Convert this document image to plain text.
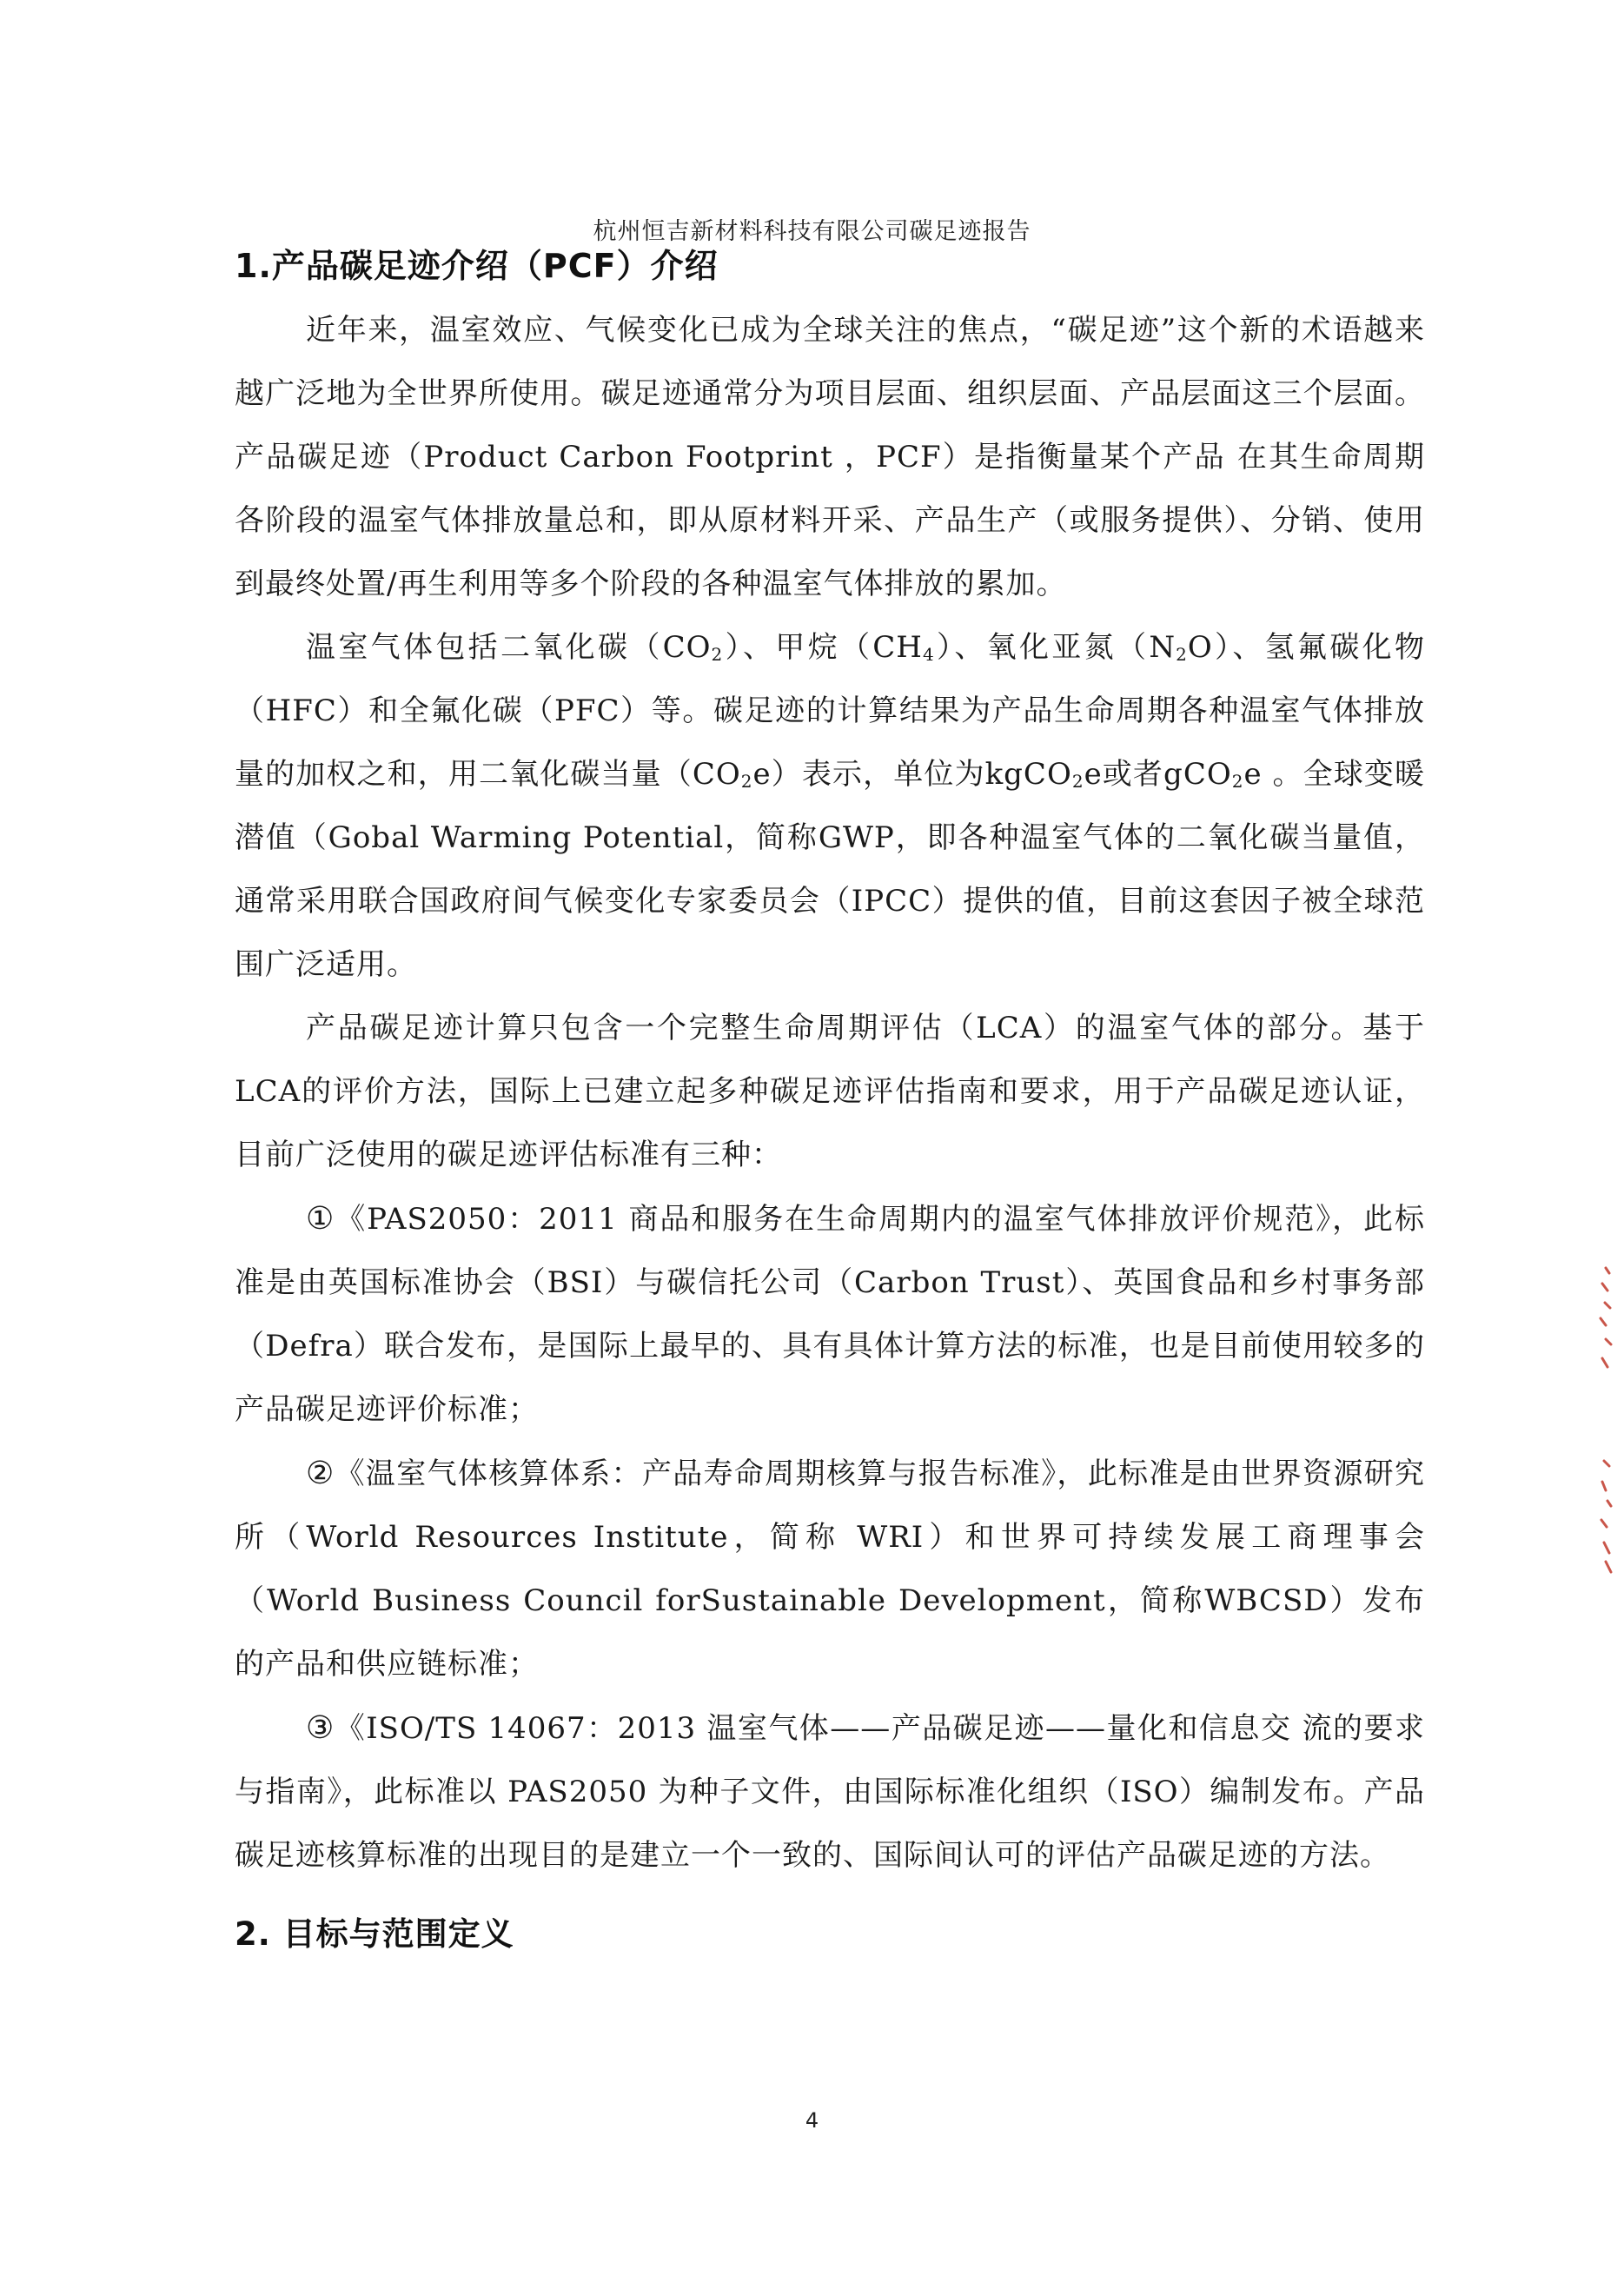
杭州恒吉新材料科技有限公司碳足迹报告
1.产品碳足迹介绍（PCF）介绍

近年来，温室效应、气候变化已成为全球关注的焦点，“碳足迹”这个新的术语越来越广泛地为全世界所使用。碳足迹通常分为项目层面、组织层面、产品层面这三个层面。产品碳足迹（Product Carbon Footprint ，PCF）是指衡量某个产品 在其生命周期各阶段的温室气体排放量总和，即从原材料开采、产品生产（或服务提供）、分销、使用到最终处置/再生利用等多个阶段的各种温室气体排放的累加。

温室气体包括二氧化碳$(CO_2)$、甲烷$(CH_4)$、氧化亚氮$(N_2O)$、氢氟碳化物（HFC）和全氟化碳（PFC）等。碳足迹的计算结果为产品生命周期各种温室气体排放量的加权之和，用二氧化碳当量$(CO_2e)$表示，单位为kgCO$_2$e或者gCO$_2$e 。全球变暖潜值（Gobal Warming Potential，简称GWP，即各种温室气体的二氧化碳当量值，通常采用联合国政府间气候变化专家委员会（IPCC）提供的值，目前这套因子被全球范围广泛适用。

产品碳足迹计算只包含一个完整生命周期评估（LCA）的温室气体的部分。基于LCA的评价方法，国际上已建立起多种碳足迹评估指南和要求，用于产品碳足迹认证，目前广泛使用的碳足迹评估标准有三种：

①《PAS2050：2011 商品和服务在生命周期内的温室气体排放评价规范》，此标准是由英国标准协会（BSI）与碳信托公司（Carbon Trust）、英国食品和乡村事务部（Defra）联合发布，是国际上最早的、具有具体计算方法的标准，也是目前使用较多的产品碳足迹评价标准；

②《温室气体核算体系：产品寿命周期核算与报告标准》，此标准是由世界资源研究所（World Resources Institute，简称 WRI）和世界可持续发展工商理事会 （World Business Council forSustainable Development，简称WBCSD）发布的产品和供应链标准；

③《ISO/TS 14067：2013 温室气体——产品碳足迹——量化和信息交 流的要求与指南》，此标准以 PAS2050 为种子文件，由国际标准化组织（ISO）编制发布。产品碳足迹核算标准的出现目的是建立一个一致的、国际间认可的评估产品碳足迹的方法。

2. 目标与范围定义
4
